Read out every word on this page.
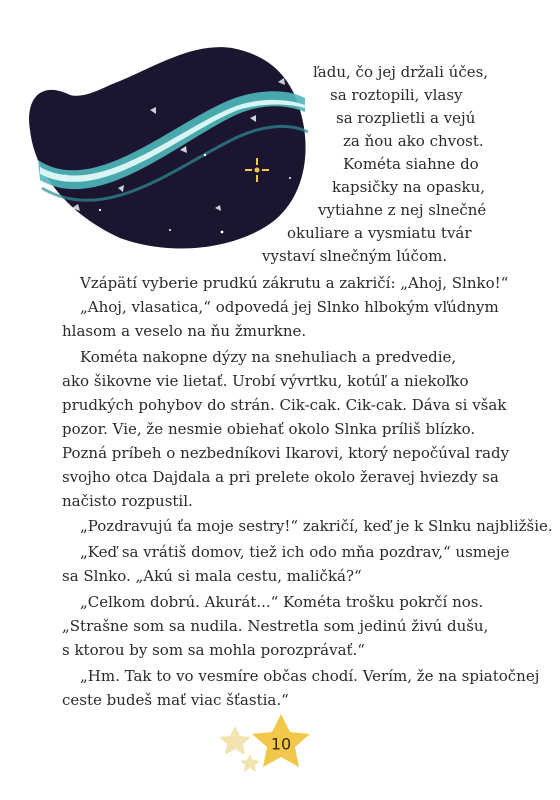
ľadu, čo jej držali účes,
sa roztopili, vlasy
sa rozplietli a vejú
za ňou ako chvost.
Kométa siahne do
kapsičky na opasku,
vytiahne z nej slnečné
okuliare a vysmiatu tvár
vystaví slnečným lúčom.
Vzápätí vyberie prudkú zákrutu a zakričí: „Ahoj, Slnko!“
„Ahoj, vlasatica,“ odpovedá jej Slnko hlbokým vľúdnym
hlasom a veselo na ňu žmurkne.
Kométa nakopne dýzy na snehuliach a predvedie,
ako šikovne vie lietať. Urobí vývrtku, kotúľ a niekoľko
prudkých pohybov do strán. Cik-cak. Cik-cak. Dáva si však
pozor. Vie, že nesmie obiehať okolo Slnka príliš blízko.
Pozná príbeh o nezbedníkovi Ikarovi, ktorý nepočúval rady
svojho otca Dajdala a pri prelete okolo žeravej hviezdy sa
načisto rozpustil.
„Pozdravujú ťa moje sestry!“ zakričí, keď je k Slnku najbližšie.
„Keď sa vrátiš domov, tiež ich odo mňa pozdrav,“ usmeje
sa Slnko. „Akú si mala cestu, maličká?“
„Celkom dobrú. Akurát...“ Kométa trošku pokrčí nos.
„Strašne som sa nudila. Nestretla som jedinú živú dušu,
s ktorou by som sa mohla porozprávať.“
„Hm. Tak to vo vesmíre občas chodí. Verím, že na spiatočnej
ceste budeš mať viac šťastia.“
10
